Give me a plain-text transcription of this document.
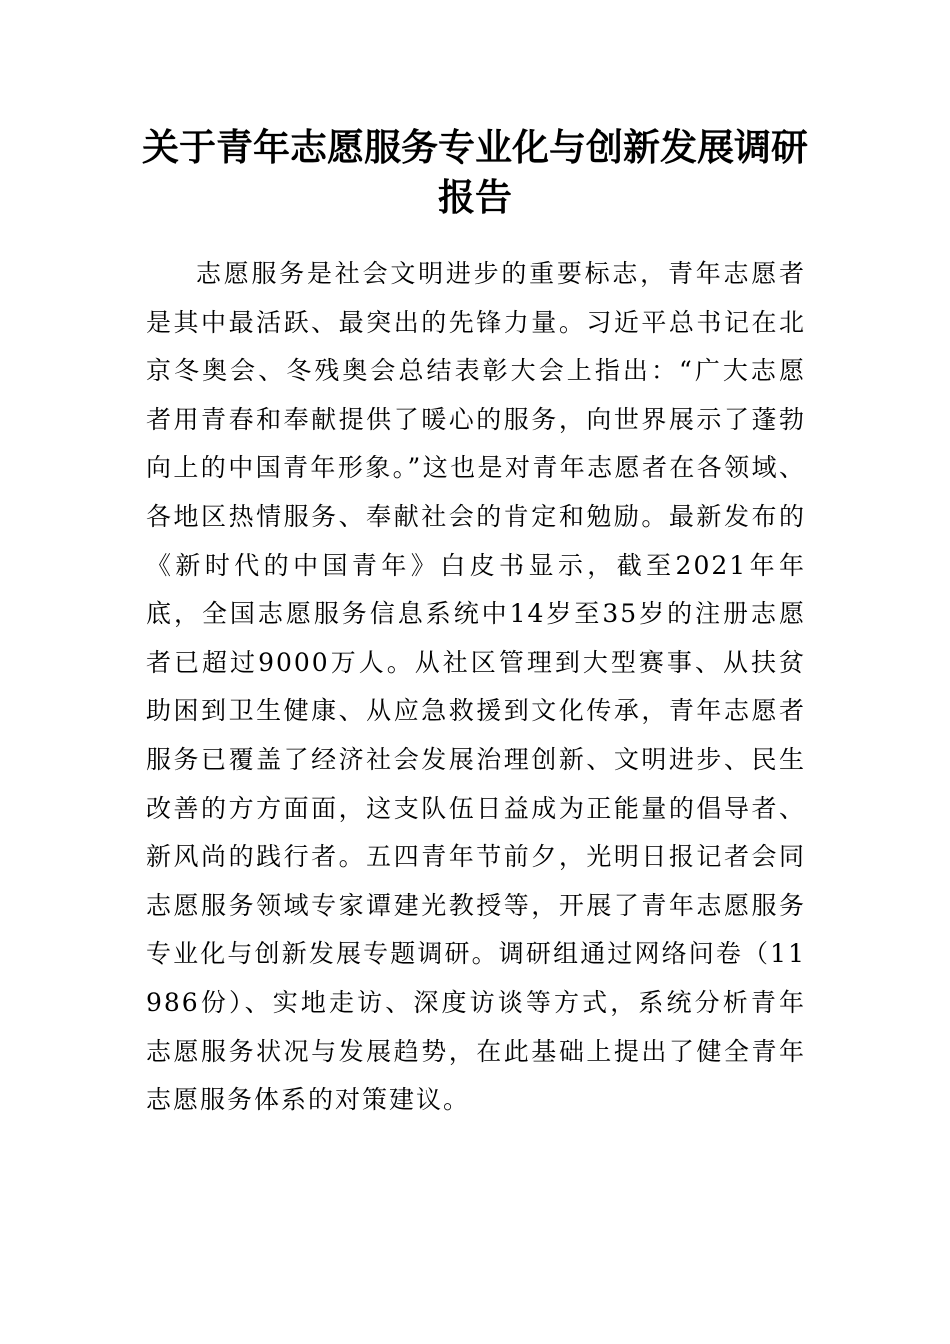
关于青年志愿服务专业化与创新发展调研报告

志愿服务是社会文明进步的重要标志，青年志愿者是其中最活跃、最突出的先锋力量。习近平总书记在北京冬奥会、冬残奥会总结表彰大会上指出：“广大志愿者用青春和奉献提供了暖心的服务，向世界展示了蓬勃向上的中国青年形象。”这也是对青年志愿者在各领域、各地区热情服务、奉献社会的肯定和勉励。最新发布的《新时代的中国青年》白皮书显示，截至2021年年底，全国志愿服务信息系统中14岁至35岁的注册志愿者已超过9000万人。从社区管理到大型赛事、从扶贫助困到卫生健康、从应急救援到文化传承，青年志愿者服务已覆盖了经济社会发展治理创新、文明进步、民生改善的方方面面，这支队伍日益成为正能量的倡导者、新风尚的践行者。五四青年节前夕，光明日报记者会同志愿服务领域专家谭建光教授等，开展了青年志愿服务专业化与创新发展专题调研。调研组通过网络问卷（11986份）、实地走访、深度访谈等方式，系统分析青年志愿服务状况与发展趋势，在此基础上提出了健全青年志愿服务体系的对策建议。
